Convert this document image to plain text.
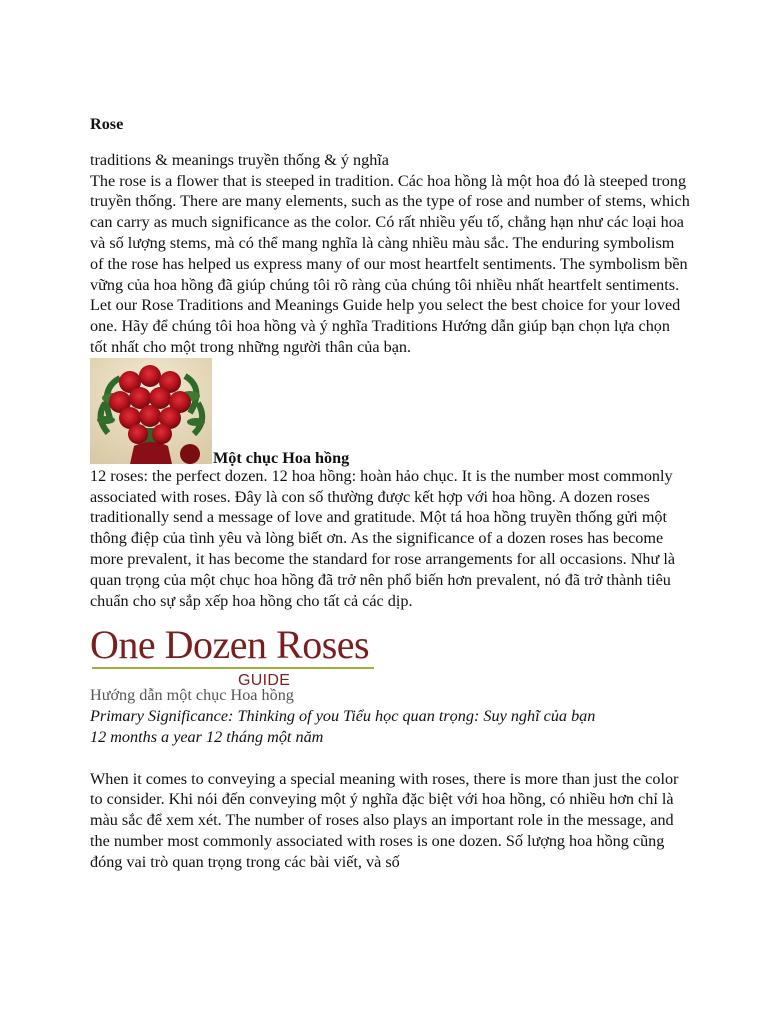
Rose

traditions & meanings truyền thống & ý nghĩa

The rose is a flower that is steeped in tradition. Các hoa hồng là một hoa đó là steeped trong truyền thống. There are many elements, such as the type of rose and number of stems, which can carry as much significance as the color. Có rất nhiều yếu tố, chẳng hạn như các loại hoa và số lượng stems, mà có thể mang nghĩa là càng nhiều màu sắc. The enduring symbolism of the rose has helped us express many of our most heartfelt sentiments. The symbolism bền vững của hoa hồng đã giúp chúng tôi rõ ràng của chúng tôi nhiều nhất heartfelt sentiments. Let our Rose Traditions and Meanings Guide help you select the best choice for your loved one. Hãy để chúng tôi hoa hồng và ý nghĩa Traditions Hướng dẫn giúp bạn chọn lựa chọn tốt nhất cho một trong những người thân của bạn.

Một chục Hoa hồng

12 roses: the perfect dozen. 12 hoa hồng: hoàn hảo chục. It is the number most commonly associated with roses. Đây là con số thường được kết hợp với hoa hồng. A dozen roses traditionally send a message of love and gratitude. Một tá hoa hồng truyền thống gửi một thông điệp của tình yêu và lòng biết ơn. As the significance of a dozen roses has become more prevalent, it has become the standard for rose arrangements for all occasions. Như là quan trọng của một chục hoa hồng đã trở nên phổ biến hơn prevalent, nó đã trở thành tiêu chuẩn cho sự sắp xếp hoa hồng cho tất cả các dịp.

One Dozen Roses
GUIDE

Hướng dẫn một chục Hoa hồng

Primary Significance: Thinking of you Tiểu học quan trọng: Suy nghĩ của bạn

12 months a year 12 tháng một năm

When it comes to conveying a special meaning with roses, there is more than just the color to consider. Khi nói đến conveying một ý nghĩa đặc biệt với hoa hồng, có nhiều hơn chỉ là màu sắc để xem xét. The number of roses also plays an important role in the message, and the number most commonly associated with roses is one dozen. Số lượng hoa hồng cũng đóng vai trò quan trọng trong các bài viết, và số
